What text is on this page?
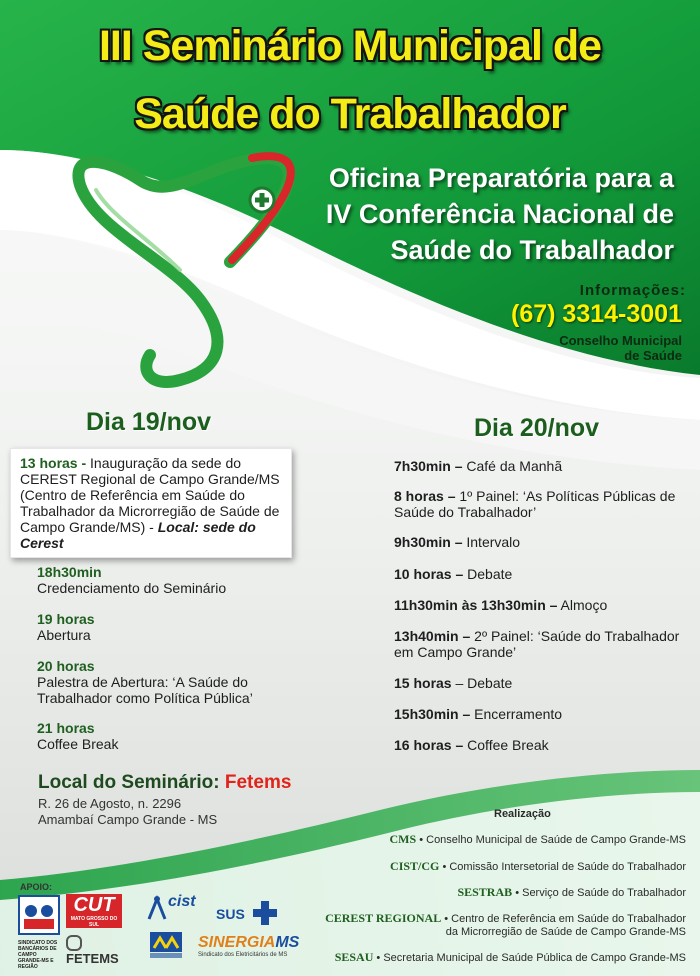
III Seminário Municipal de
Saúde do Trabalhador
Oficina Preparatória para a
IV Conferência Nacional de
Saúde do Trabalhador
Informações:
(67) 3314-3001
Conselho Municipal
de Saúde
Dia 19/nov
13 horas - Inauguração da sede do CEREST Regional de Campo Grande/MS (Centro de Referência em Saúde do Trabalhador da Microrregião de Saúde de Campo Grande/MS) - Local: sede do Cerest
18h30min
Credenciamento do Seminário
19 horas
Abertura
20 horas
Palestra de Abertura: ‘A Saúde do Trabalhador como Política Pública’
21 horas
Coffee Break
Dia 20/nov
7h30min – Café da Manhã
8 horas – 1º Painel: ‘As Políticas Públicas de Saúde do Trabalhador’
9h30min – Intervalo
10 horas – Debate
11h30min às 13h30min – Almoço
13h40min – 2º Painel: ‘Saúde do Trabalhador em Campo Grande’
15 horas – Debate
15h30min – Encerramento
16 horas – Coffee Break
Local do Seminário: Fetems
R. 26 de Agosto, n. 2296
Amambaí Campo Grande - MS	Realização
CMS • Conselho Municipal de Saúde de Campo Grande-MS
CIST/CG • Comissão Intersetorial de Saúde do Trabalhador
SESTRAB • Serviço de Saúde do Trabalhador
CEREST REGIONAL • Centro de Referência em Saúde do Trabalhador
da Microrregião de Saúde de Campo Grande-MS
SESAU • Secretaria Municipal de Saúde Pública de Campo Grande-MS
APOIO:
SINDICATO DOS BANCÁRIOS DE CAMPO GRANDE-MS E REGIÃO
CUT
MATO GROSSO DO SUL
FETEMS
cist
SUS
SINERGIAMS
Sindicato dos Eletricitários de MS
